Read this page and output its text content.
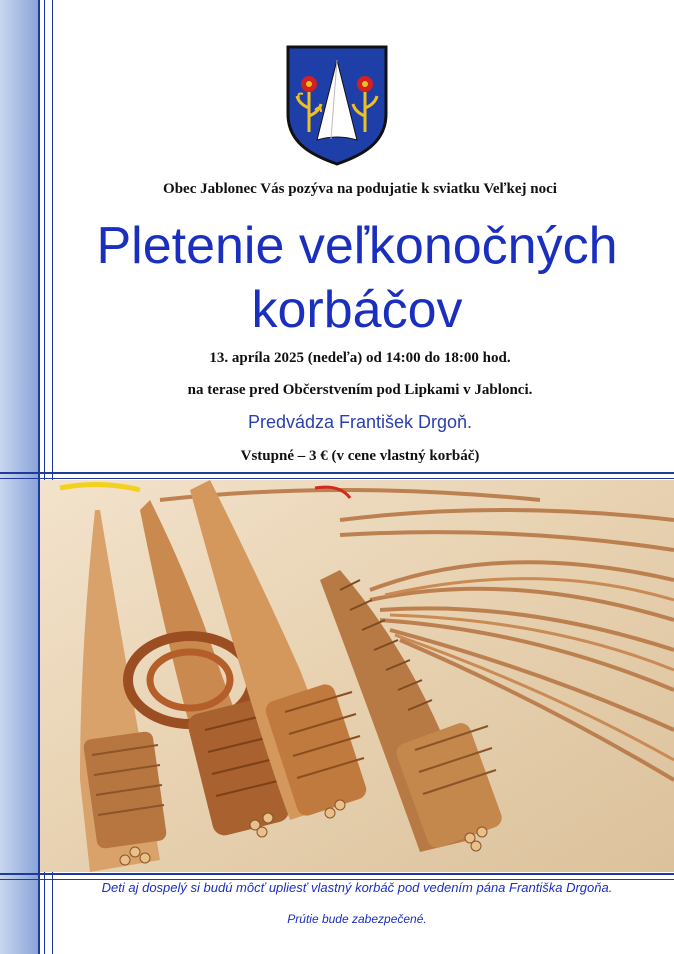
Obec Jablonec Vás pozýva na podujatie k sviatku Veľkej noci
Pletenie veľkonočných
korbáčov
13. apríla 2025 (nedeľa) od 14:00 do 18:00 hod.
na terase pred Občerstvením pod Lipkami v Jablonci.
Predvádza František Drgoň.
Vstupné – 3 € (v cene vlastný korbáč)
Deti aj dospelý si budú môcť upliesť vlastný korbáč pod vedením pána Františka Drgoňa.
Prútie bude zabezpečené.
